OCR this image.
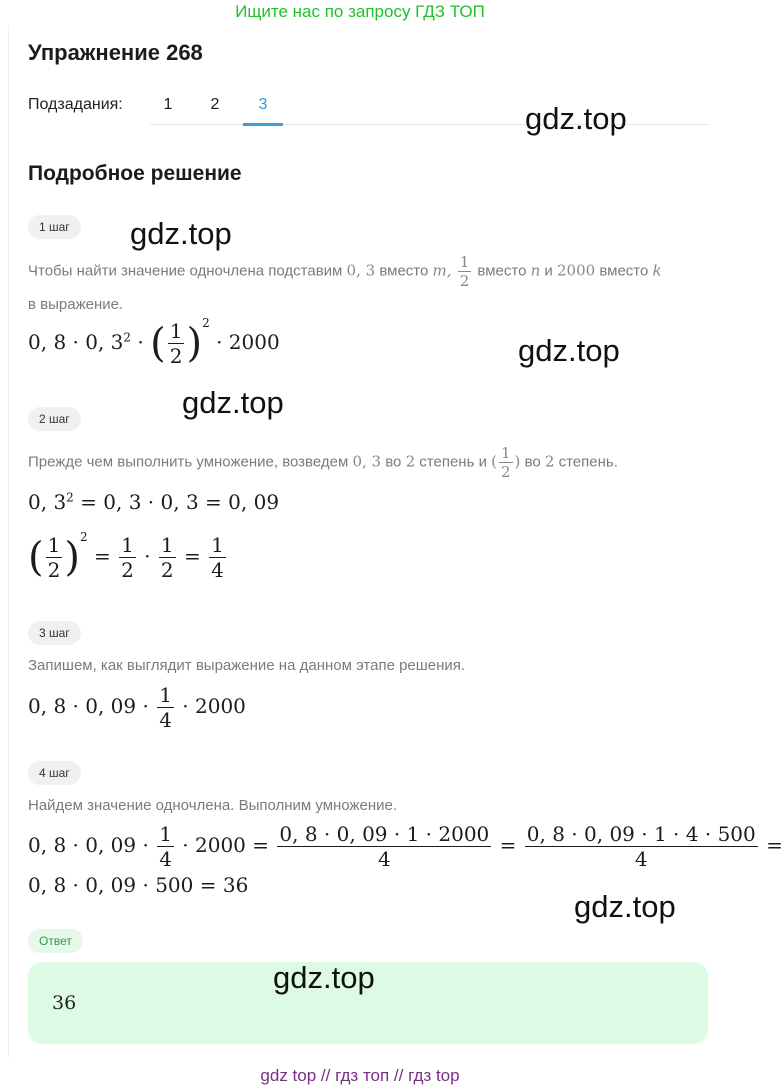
Ищите нас по запросу ГДЗ ТОП
Упражнение 268
Подзадания:	1	2	3
Подробное решение
1 шаг
Чтобы найти значение одночлена подставим 0, 3 вместо m, $\frac{1}{2}$ вместо n и 2000 вместо k
в выражение.
0, 8 · 0, $3^2$ · ( $\frac{1}{2} )^2 \cdot 2000$
2 шаг
Прежде чем выполнить умножение, возведем 0, 3 во 2 степень и ( $\frac{1}{2}$ ) во 2 степень.
0, $3^2 = 0$, 3 · 0, 3 = 0, 09
( $\frac{1}{2} )^2 = \frac{1}{2} \cdot \frac{1}{2} = \frac{1}{4}$
3 шаг
Запишем, как выглядит выражение на данном этапе решения.
0, 8 · 0, $09 \cdot \frac{1}{4} \cdot 2000$
4 шаг
Найдем значение одночлена. Выполним умножение.
0, 8 · 0, $09 \cdot \frac{1}{4} \cdot 2000 = \frac{0, 8 \cdot 0, 09 \cdot 1 \cdot 2000}{4} = \frac{0, 8 \cdot 0, 09 \cdot 1 \cdot 4 \cdot 500}{4}$ =
0, 8 · 0, 09 · 500 = 36
Ответ
36
gdz.top
gdz.top
gdz.top
gdz.top
gdz.top
gdz.top
gdz top // гдз топ // гдз top
